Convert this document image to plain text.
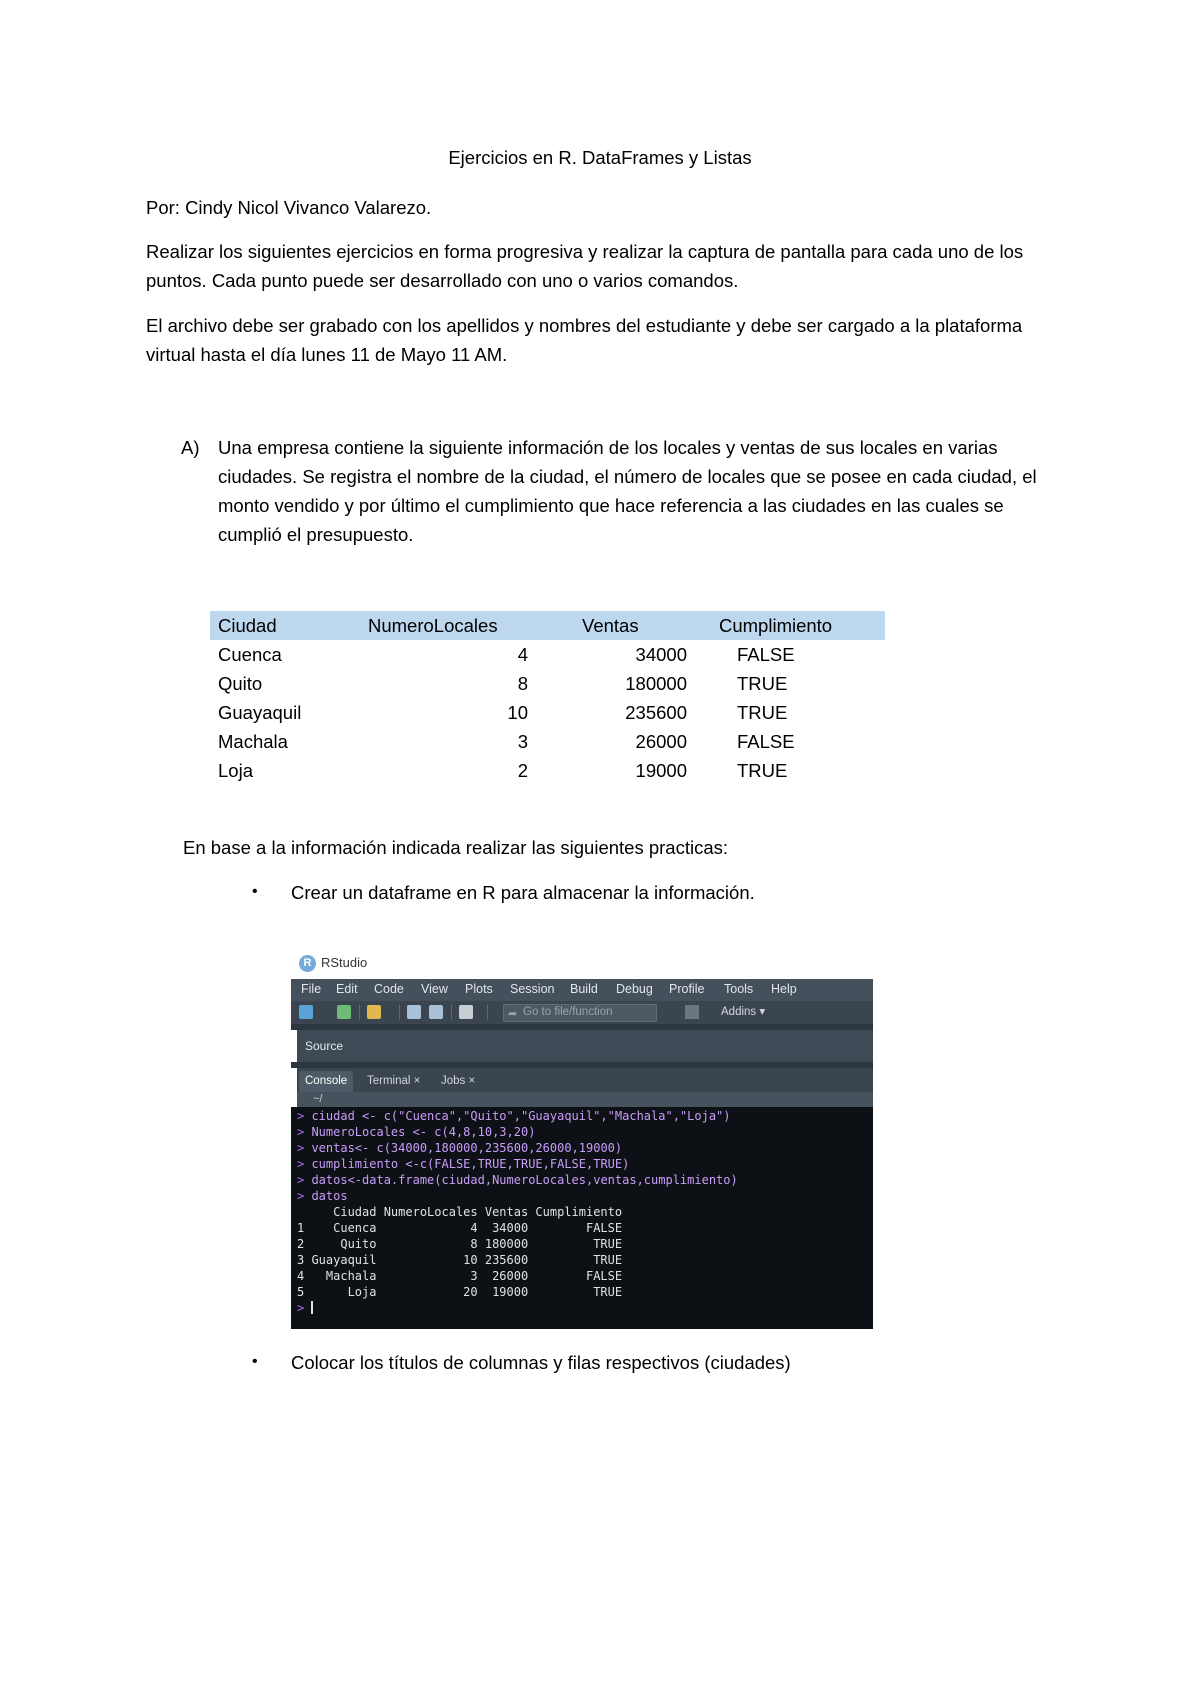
Ejercicios en R. DataFrames y Listas
Por: Cindy Nicol Vivanco Valarezo.
Realizar los siguientes ejercicios en forma progresiva y realizar la captura de pantalla para cada uno de los puntos. Cada punto puede ser desarrollado con uno o varios comandos.
El archivo debe ser grabado con los apellidos y nombres del estudiante y debe ser cargado a la plataforma virtual hasta el día lunes 11 de Mayo 11 AM.
A) Una empresa contiene la siguiente información de los locales y ventas de sus locales en varias ciudades. Se registra el nombre de la ciudad, el número de locales que se posee en cada ciudad, el monto vendido y por último el cumplimiento que hace referencia a las ciudades en las cuales se cumplió el presupuesto.
Ciudad	NumeroLocales	Ventas	Cumplimiento
Cuenca	4	34000	FALSE
Quito	8	180000	TRUE
Guayaquil	10	235600	TRUE
Machala	3	26000	FALSE
Loja	2	19000	TRUE
En base a la información indicada realizar las siguientes practicas:
• Crear un dataframe en R para almacenar la información.
R RStudio
File Edit Code View Plots Session Build Debug Profile Tools Help
➦ Go to file/function	Addins ▾
Source
Console	Terminal ×	Jobs ×
~/
> ciudad <- c("Cuenca","Quito","Guayaquil","Machala","Loja")
> NumeroLocales <- c(4,8,10,3,20)
> ventas<- c(34000,180000,235600,26000,19000)
> cumplimiento <-c(FALSE,TRUE,TRUE,FALSE,TRUE)
> datos<-data.frame(ciudad,NumeroLocales,ventas,cumplimiento)
> datos
Ciudad NumeroLocales Ventas Cumplimiento
1    Cuenca             4  34000        FALSE
2     Quito             8 180000         TRUE
3 Guayaquil            10 235600         TRUE
4   Machala             3  26000        FALSE
5      Loja            20  19000         TRUE
>
• Colocar los títulos de columnas y filas respectivos (ciudades)
